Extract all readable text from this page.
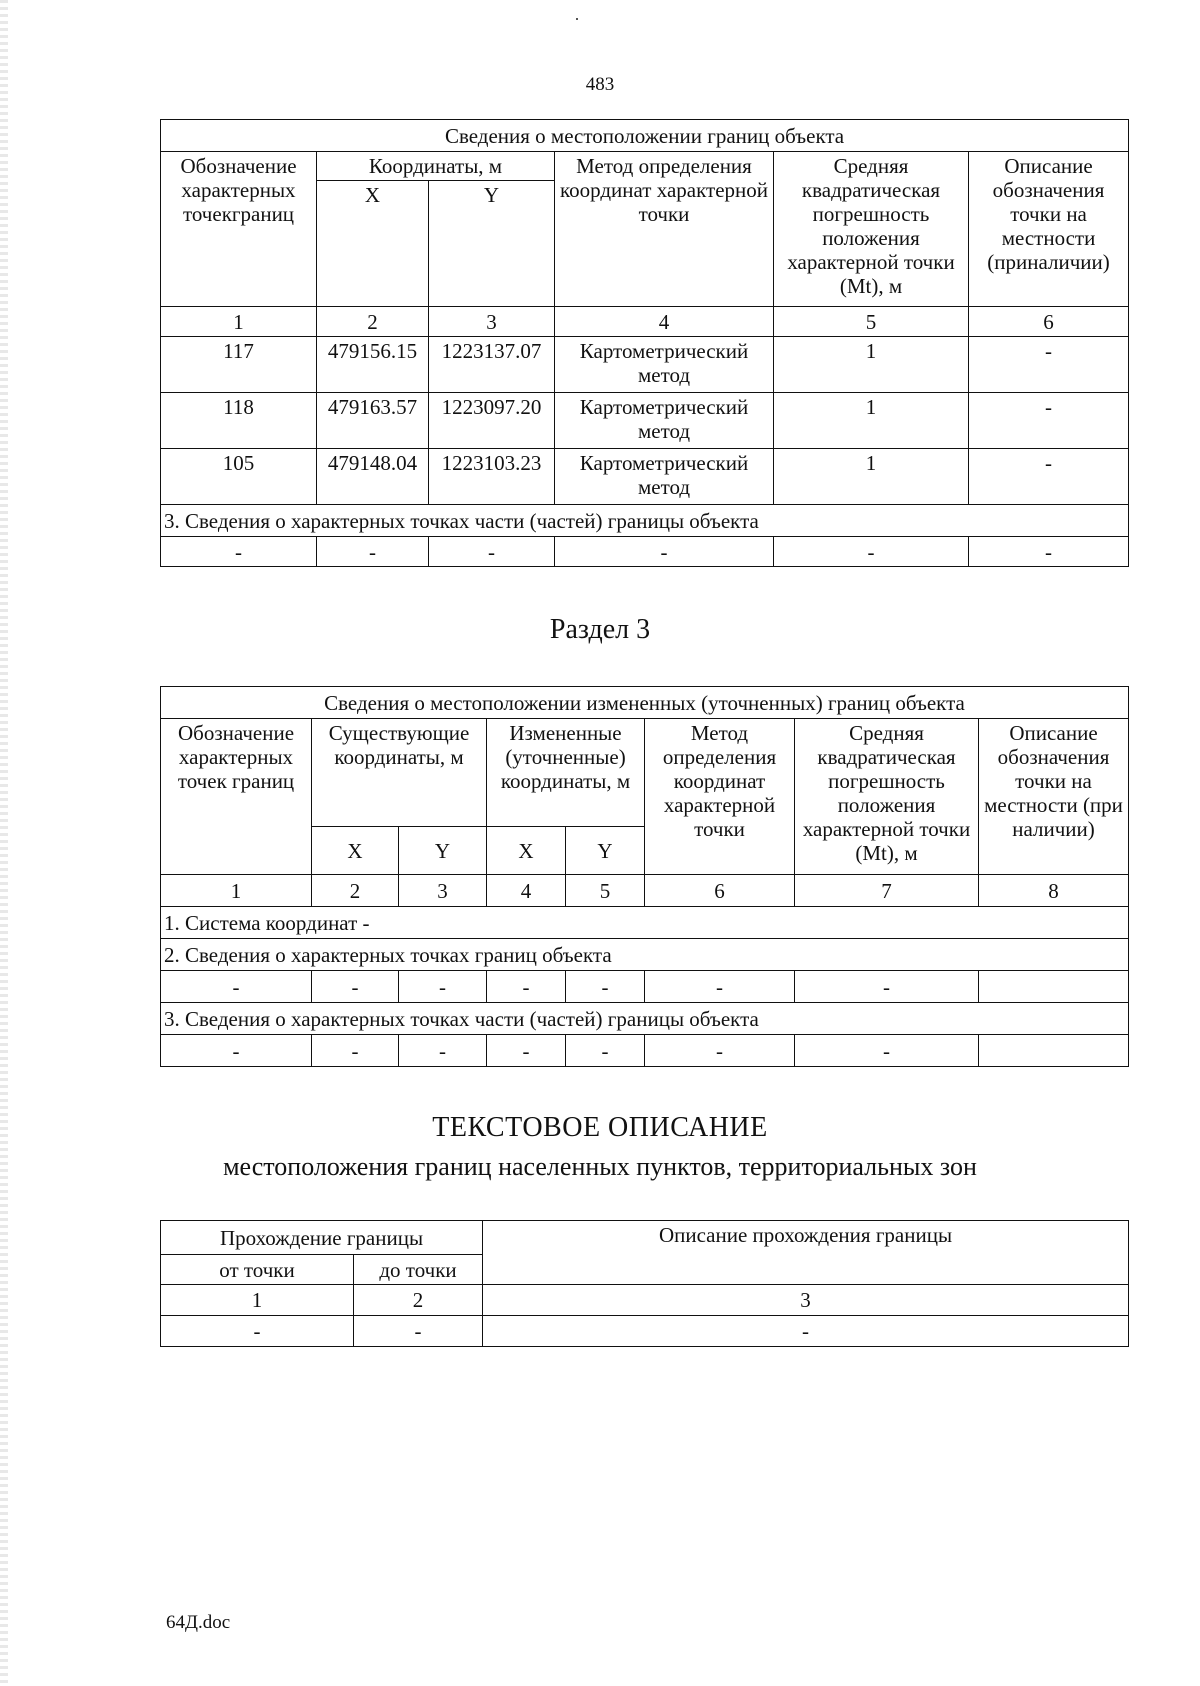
483
Сведения о местоположении границ объекта					
Обозначение характерных точекграниц	Координаты, м		Метод определения координат характерной точки	Средняя квадратическая погрешность положения характерной точки (Mt), м	Описание обозначения точки на местности (приналичии)
	X	Y			
1	2	3	4	5	6
117	479156.15	1223137.07	Картометрический метод	1	-
118	479163.57	1223097.20	Картометрический метод	1	-
105	479148.04	1223103.23	Картометрический метод	1	-
3. Сведения о характерных точках части (частей) границы объекта					
-	-	-	-	-	-
Раздел 3
Сведения о местоположении измененных (уточненных) границ объекта							
Обозначение характерных точек границ	Существующие координаты, м		Измененные (уточненные) координаты, м		Метод определения координат характерной точки	Средняя квадратическая погрешность положения характерной точки (Mt), м	Описание обозначения точки на местности (при наличии)
	X	Y	X	Y			
1	2	3	4	5	6	7	8
1. Система координат -							
2. Сведения о характерных точках границ объекта							
-	-	-	-	-	-	-	
3. Сведения о характерных точках части (частей) границы объекта							
-	-	-	-	-	-	-	
ТЕКСТОВОЕ ОПИСАНИЕ
местоположения границ населенных пунктов, территориальных зон
Прохождение границы		Описание прохождения границы
от точки	до точки	
1	2	3
-	-	-
64Д.doc
